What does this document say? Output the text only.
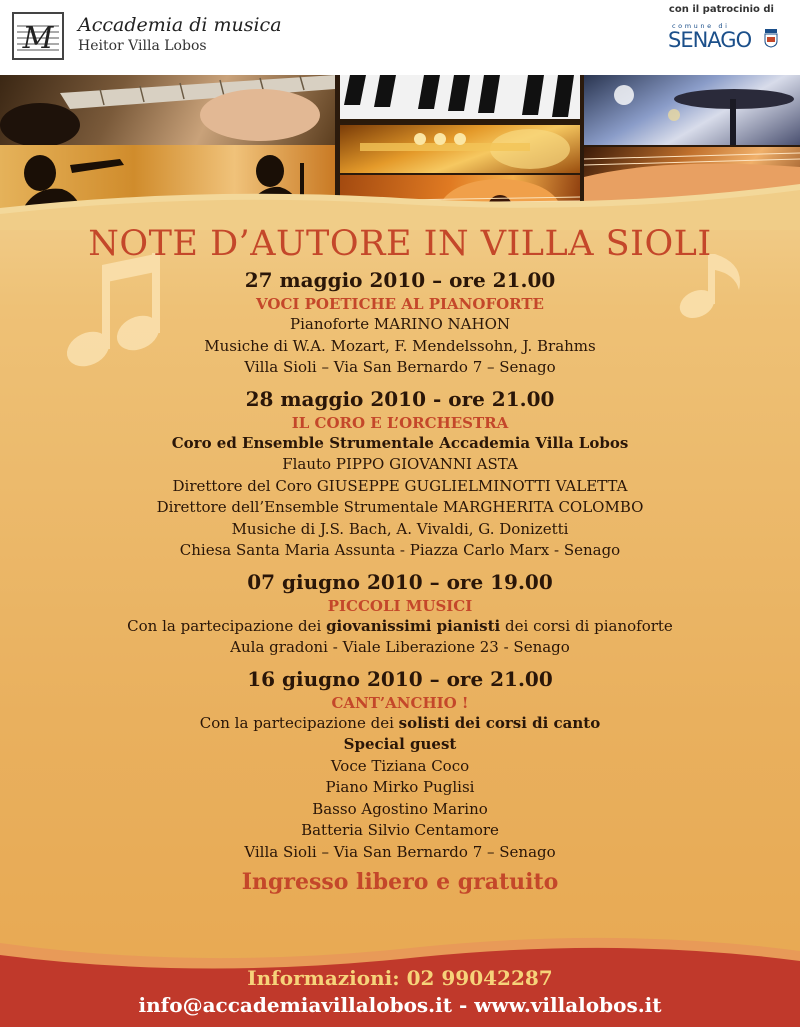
M Accademia di musica
Heitor Villa Lobos
con il patrocinio di
comune di
SENAGO
NOTE D’AUTORE IN VILLA SIOLI
27 maggio 2010 – ore 21.00
VOCI POETICHE AL PIANOFORTE
Pianoforte MARINO NAHON
Musiche di W.A. Mozart, F. Mendelssohn, J. Brahms
Villa Sioli – Via San Bernardo 7 – Senago
28 maggio 2010 - ore 21.00
IL CORO E L’ORCHESTRA
Coro ed Ensemble Strumentale Accademia Villa Lobos
Flauto PIPPO GIOVANNI ASTA
Direttore del Coro GIUSEPPE GUGLIELMINOTTI VALETTA
Direttore dell’Ensemble Strumentale MARGHERITA COLOMBO
Musiche di J.S. Bach, A. Vivaldi, G. Donizetti
Chiesa Santa Maria Assunta - Piazza Carlo Marx - Senago
07 giugno 2010 – ore 19.00
PICCOLI MUSICI
Con la partecipazione dei giovanissimi pianisti dei corsi di pianoforte
Aula gradoni - Viale Liberazione 23 - Senago
16 giugno 2010 – ore 21.00
CANT’ANCHIO !
Con la partecipazione dei solisti dei corsi di canto
Special guest
Voce Tiziana Coco
Piano Mirko Puglisi
Basso Agostino Marino
Batteria Silvio Centamore
Villa Sioli – Via San Bernardo 7 – Senago
Ingresso libero e gratuito
Informazioni: 02 99042287
info@accademiavillalobos.it - www.villalobos.it
